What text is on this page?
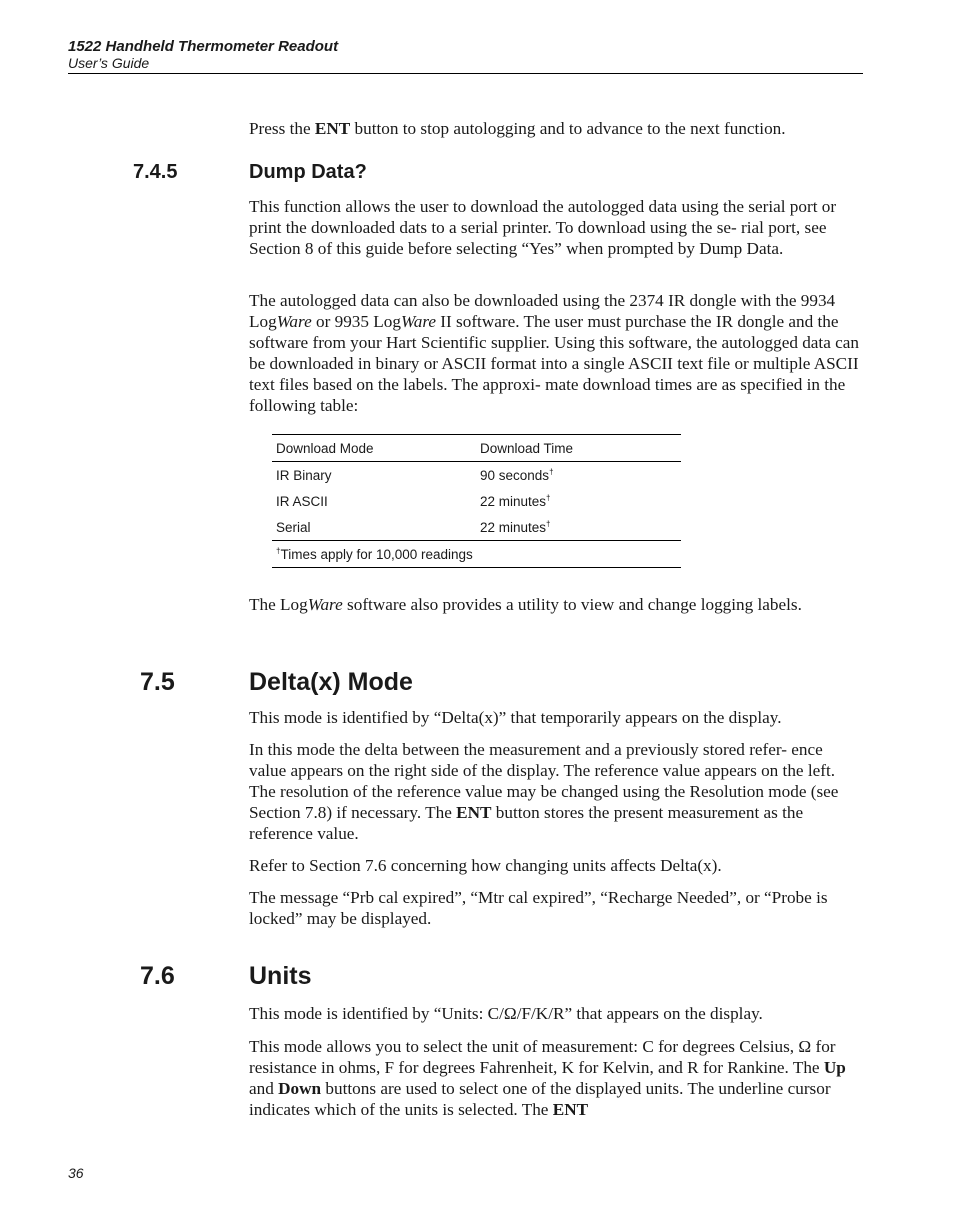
1522 Handheld Thermometer Readout
User’s Guide

Press the ENT button to stop autologging and to advance to the next function.

7.4.5	Dump Data?

This function allows the user to download the autologged data using the serial port or print the downloaded dats to a serial printer. To download using the se- rial port, see Section 8 of this guide before selecting “Yes” when prompted by Dump Data.

The autologged data can also be downloaded using the 2374 IR dongle with the 9934 LogWare or 9935 LogWare II software. The user must purchase the IR dongle and the software from your Hart Scientific supplier. Using this software, the autologged data can be downloaded in binary or ASCII format into a single ASCII text file or multiple ASCII text files based on the labels. The approxi- mate download times are as specified in the following table:

Download Mode	Download Time
IR Binary	90 seconds†
IR ASCII	22 minutes†
Serial	22 minutes†
†Times apply for 10,000 readings

The LogWare software also provides a utility to view and change logging labels.

7.5	Delta(x) Mode

This mode is identified by “Delta(x)” that temporarily appears on the display.

In this mode the delta between the measurement and a previously stored refer- ence value appears on the right side of the display. The reference value appears on the left. The resolution of the reference value may be changed using the Resolution mode (see Section 7.8) if necessary. The ENT button stores the present measurement as the reference value.

Refer to Section 7.6 concerning how changing units affects Delta(x).

The message “Prb cal expired”, “Mtr cal expired”, “Recharge Needed”, or “Probe is locked” may be displayed.

7.6	Units

This mode is identified by “Units: C/Ω/F/K/R” that appears on the display.

This mode allows you to select the unit of measurement: C for degrees Celsius, Ω for resistance in ohms, F for degrees Fahrenheit, K for Kelvin, and R for Rankine. The Up and Down buttons are used to select one of the displayed units. The underline cursor indicates which of the units is selected. The ENT

36
